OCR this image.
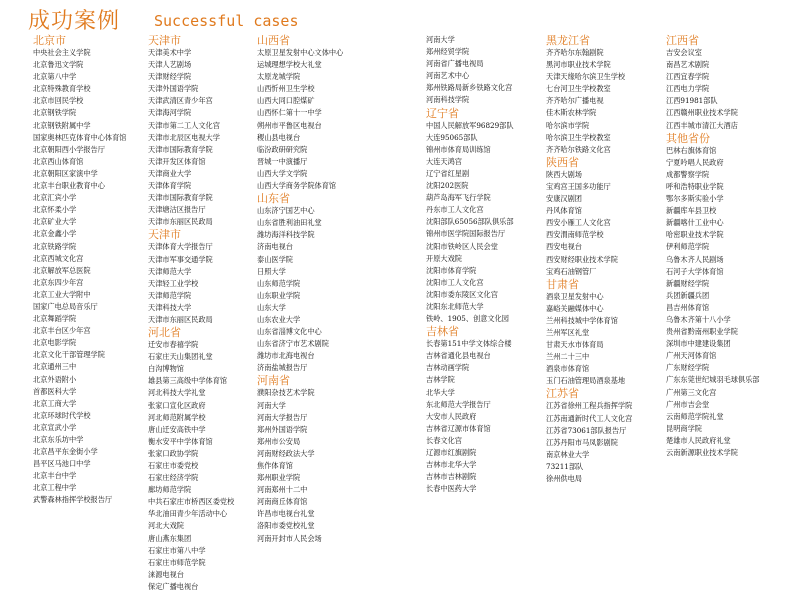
成功案例 Successful cases
北京市
中央社会主义学院
北京鲁迅文学院
北京第八中学
北京特殊教育学校
北京市回民学校
北京钢铁学院
北京钢铁附属中学
国家奥林匹克体育中心体育馆
北京朝阳西小学报告厅
北京西山体育馆
北京朝阳区家演中学
北京丰台职业教育中心
北京汇宾小学
北京怀柔小学
北京矿业大学
北京金鑫小学
北京铁路学院
北京西城文化宫
北京解放军总医院
北京东四少年宫
北京工业大学附中
国家广电总局音乐厅
北京舞蹈学院
北京丰台区少年宫
北京电影学院
北京文化干部管理学院
北京通州三中
北京外语附小
首都医科大学
北京工商大学
北京环球时代学校
北京宣武小学
北京东乐坊中学
北京昌平东金街小学
昌平区马池口中学
北京丰台中学
北京工程中学
武警森林指挥学校报告厅
天津市
天津美术中学
天津人艺剧场
天津财经学院
天津外国语学院
天津武清区青少年宫
天津海河学院
天津市第二工人文化宫
天津市北辰区电视大学
天津市国际教育学院
天津开发区体育馆
天津商业大学
天津体育学院
天津市国际教育学院
天津塘沽区报告厅
天津市东丽区民政局
天津市
天津体育大学报告厅
天津市军事交通学院
天津师范大学
天津轻工业学校
天津师范学院
天津科技大学
天津市东丽区民政局
河北省
迁安市春禧学院
石家庄天山集团礼堂
白沟博物馆
雄县第三高级中学体育馆
河北科技大学礼堂
张家口宣化区政府
河北师范附属学校
唐山迁安高铁中学
衡水安平中学体育馆
张家口政协学院
石家庄市委党校
石家庄经济学院
廊坊师范学院
中共石家庄市桥西区委党校
华北油田青少年活动中心
河北大戏院
唐山燕东集团
石家庄市第八中学
石家庄市师范学院
涞源电视台
保定广播电视台
山西省
太原卫星发射中心文体中心
运城理想学校大礼堂
太原龙城学院
山西忻州卫生学校
山西大同口腔煤矿
山西怀仁第十一中学
朔州市平鲁区电视台
稷山县电视台
临汾政研研究院
晋城一中演播厅
山西大学文学院
山西大学商务学院体育馆
山东省
山东济宁国艺中心
山东省胜利油田礼堂
潍坊海洋科技学院
济南电视台
泰山医学院
日照大学
山东师范学院
山东职业学院
山东大学
山东农业大学
山东省淄博文化中心
山东省济宁市艺术剧院
潍坊市北海电视台
济南盐城报告厅
河南省
濮阳杂技艺术学院
河南大学
河南大学报告厅
郑州外国语学院
郑州市公安局
河南财经政法大学
焦作体育馆
郑州职业学院
河南郑州十二中
河南商丘体育馆
许昌市电视台礼堂
洛阳市委党校礼堂
河南开封市人民会场
河南大学
郑州经贸学院
河南省广播电视局
河南艺术中心
郑州铁路局新乡铁路文化宫
河南科技学院
辽宁省
中国人民解放军96829部队
大连95065部队
锦州市体育局训练馆
大连天鸿宫
辽宁省红星剧
沈阳202医院
葫芦岛海军飞行学院
丹东市工人文化宫
沈阳部队65056部队俱乐部
锦州市医学院国际报告厅
沈阳市铁岭区人民会堂
开原大戏院
沈阳市体育学院
沈阳市工人文化宫
沈阳市委东陵区文化宫
沈阳东北师范大学
铁岭、1905、创意文化园
吉林省
长春第151中学文体综合楼
吉林省通化县电视台
吉林动画学院
吉林学院
北华大学
东北师范大学报告厅
大安市人民政府
吉林省辽源市体育馆
长春文化宫
辽源市红旗剧院
吉林市北华大学
吉林市吉林剧院
长春中医药大学
黑龙江省
齐齐哈尔东翰剧院
黑河市职业技术学院
天津天缘哈尔滨卫生学校
七台河卫生学校教室
齐齐哈尔广播电视
佳木斯农林学院
哈尔滨市学院
哈尔滨卫生学校教室
齐齐哈尔铁路文化宫
陕西省
陕西大剧场
宝鸡宫王国多功能厅
安康汉剧团
丹风体育馆
西安小雁工人文化宫
西安渭南师范学校
西安电视台
西安财经职业技术学院
宝鸡石油钢管厂
甘肃省
酒泉卫星发射中心
嘉峪关融媒体中心
兰州科技城中学体育馆
兰州军区礼堂
甘肃天水市体育局
兰州二十三中
酒泉市体育馆
玉门石油管理局酒泉基地
江苏省
江苏省徐州工程兵指挥学院
江苏南通新时代工人文化宫
江苏省73061部队报告厅
江苏丹阳市马凤影剧院
南京林业大学
73211部队
徐州供电局
江西省
吉安会议室
南昌艺术剧院
江西宜春学院
江西电力学院
江西91981部队
江西赣州职业技术学院
江西丰城市清江大酒店
其他省份
巴林右旗体育馆
宁夏吟唱人民政府
成都警察学院
呼和浩特职业学院
鄂尔多斯实验小学
新疆库车县卫校
新疆喀什工业中心
哈密职业技术学院
伊利师范学院
乌鲁木齐人民剧场
石河子大学体育馆
新疆财经学院
兵团新疆兵团
昌吉州体育馆
乌鲁木齐第十八小学
贵州省黔南州职业学院
深圳市中建建设集团
广州天河体育馆
广东财经学院
广东东莞世纪城羽毛球俱乐部
广州第三文化宫
广州市吉会堂
云南师范学院礼堂
昆明商学院
楚雄市人民政府礼堂
云南新源职业技术学院
